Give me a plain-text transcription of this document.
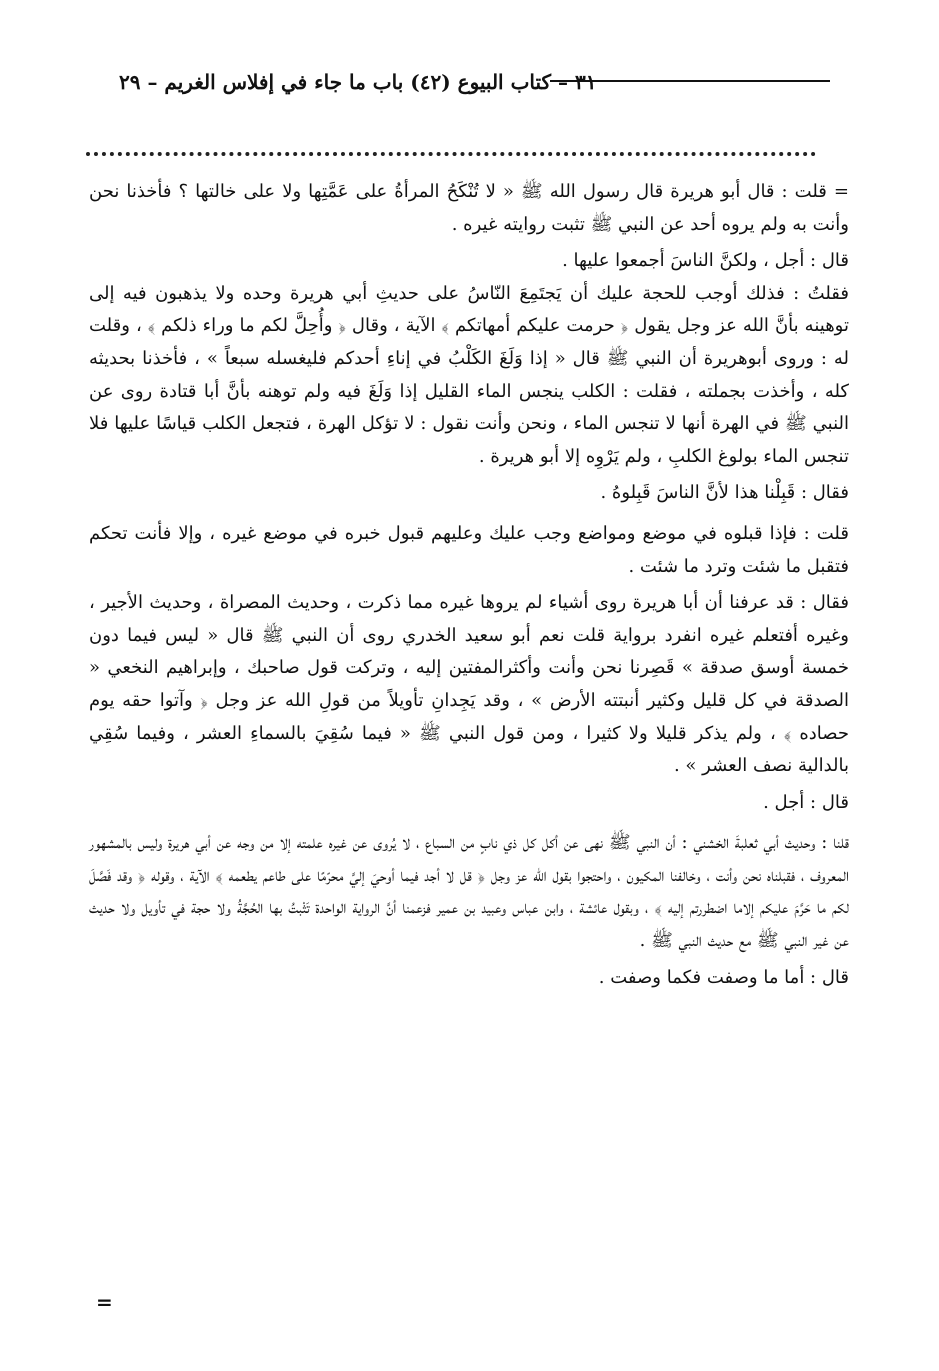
٣١ – كتاب البيوع (٤٢) باب ما جاء في إفلاس الغريم – ٢٩

= قلت : قال أبو هريرة قال رسول الله ﷺ « لا تُنْكَحُ المرأةُ على عَمَّتِها ولا على خالتها ؟ فأخذنا نحن وأنت به ولم يروه أحد عن النبي ﷺ تثبت روايته غيره .

قال : أجل ، ولكنَّ الناسَ أجمعوا عليها .

فقلتُ : فذلك أوجب للحجة عليك أن يَجتَمِعَ النّاسُ على حديثِ أبي هريرة وحده ولا يذهبون فيه إلى توهينه بأنَّ الله عز وجل يقول ﴿ حرمت عليكم أمهاتكم ﴾ الآية ، وقال ﴿ وأُحِلَّ لكم ما وراء ذلكم ﴾ ، وقلت له : وروى أبوهريرة أن النبي ﷺ قال « إذا وَلَغَ الكَلْبُ في إناءِ أحدكم فليغسله سبعاً » ، فأخذنا بحديثه كله ، وأخذت بجملته ، فقلت : الكلب ينجس الماء القليل إذا وَلَغَ فيه ولم توهنه بأنَّ أبا قتادة روى عن النبي ﷺ في الهرة أنها لا تنجس الماء ، ونحن وأنت نقول : لا تؤكل الهرة ، فتجعل الكلب قياسًا عليها فلا تنجس الماء بولوغ الكلبِ ، ولم يَرْوِه إلا أبو هريرة .

فقال : قَبِلْنا هذا لأنَّ الناسَ قَبِلوهُ .

قلت : فإذا قبلوه في موضع ومواضع وجب عليك وعليهم قبول خبره في موضع غيره ، وإلا فأنت تحكم فتقبل ما شئت وترد ما شئت .

فقال : قد عرفنا أن أبا هريرة روى أشياء لم يروها غيره مما ذكرت ، وحديث المصراة ، وحديث الأجير ، وغيره أفتعلم غيره انفرد برواية قلت نعم أبو سعيد الخدري روى أن النبي ﷺ قال « ليس فيما دون خمسة أوسق صدقة » قَصِرنا نحن وأنت وأكثرالمفتين إليه ، وتركت قول صاحبك ، وإبراهيم النخعي « الصدقة في كل قليل وكثير أنبتته الأرض » ، وقد يَجِدانِ تأويلاً من قولِ الله عز وجل ﴿ وآتوا حقه يوم حصاده ﴾ ، ولم يذكر قليلا ولا كثيرا ، ومن قول النبي ﷺ « فيما سُقِيَ بالسماءِ العشر ، وفيما سُقِي بالدالية نصف العشر » .

قال : أجل .

قلنا : وحديث أبي ثعلبةَ الخشني : أن النبي ﷺ نهى عن أكل كل ذي نابٍ من السباع ، لا يُروى عن غيره علمته إلا من وجه عن أبي هريرة وليس بالمشهور المعروف ، فقبلناه نحن وأنت ، وخالفنا المكيون ، واحتجوا بقول الله عز وجل ﴿ قل لا أجد فيما أوحيَ إليَّ محرّمًا على طاعم يطعمه ﴾ الآية ، وقوله ﴿ وقد فَصَّلَ لكم ما حَرَّمَ عليكم إلاما اضطررتم إليه ﴾ ، وبقول عائشة ، وابن عباس وعبيد بن عمير فزعمنا أنَّ الرواية الواحدة تَثْبتُ بها الحُجَّةُ ولا حجة في تأويل ولا حديث عن غير النبي ﷺ مع حديث النبي ﷺ .

قال : أما ما وصفت فكما وصفت .

=
